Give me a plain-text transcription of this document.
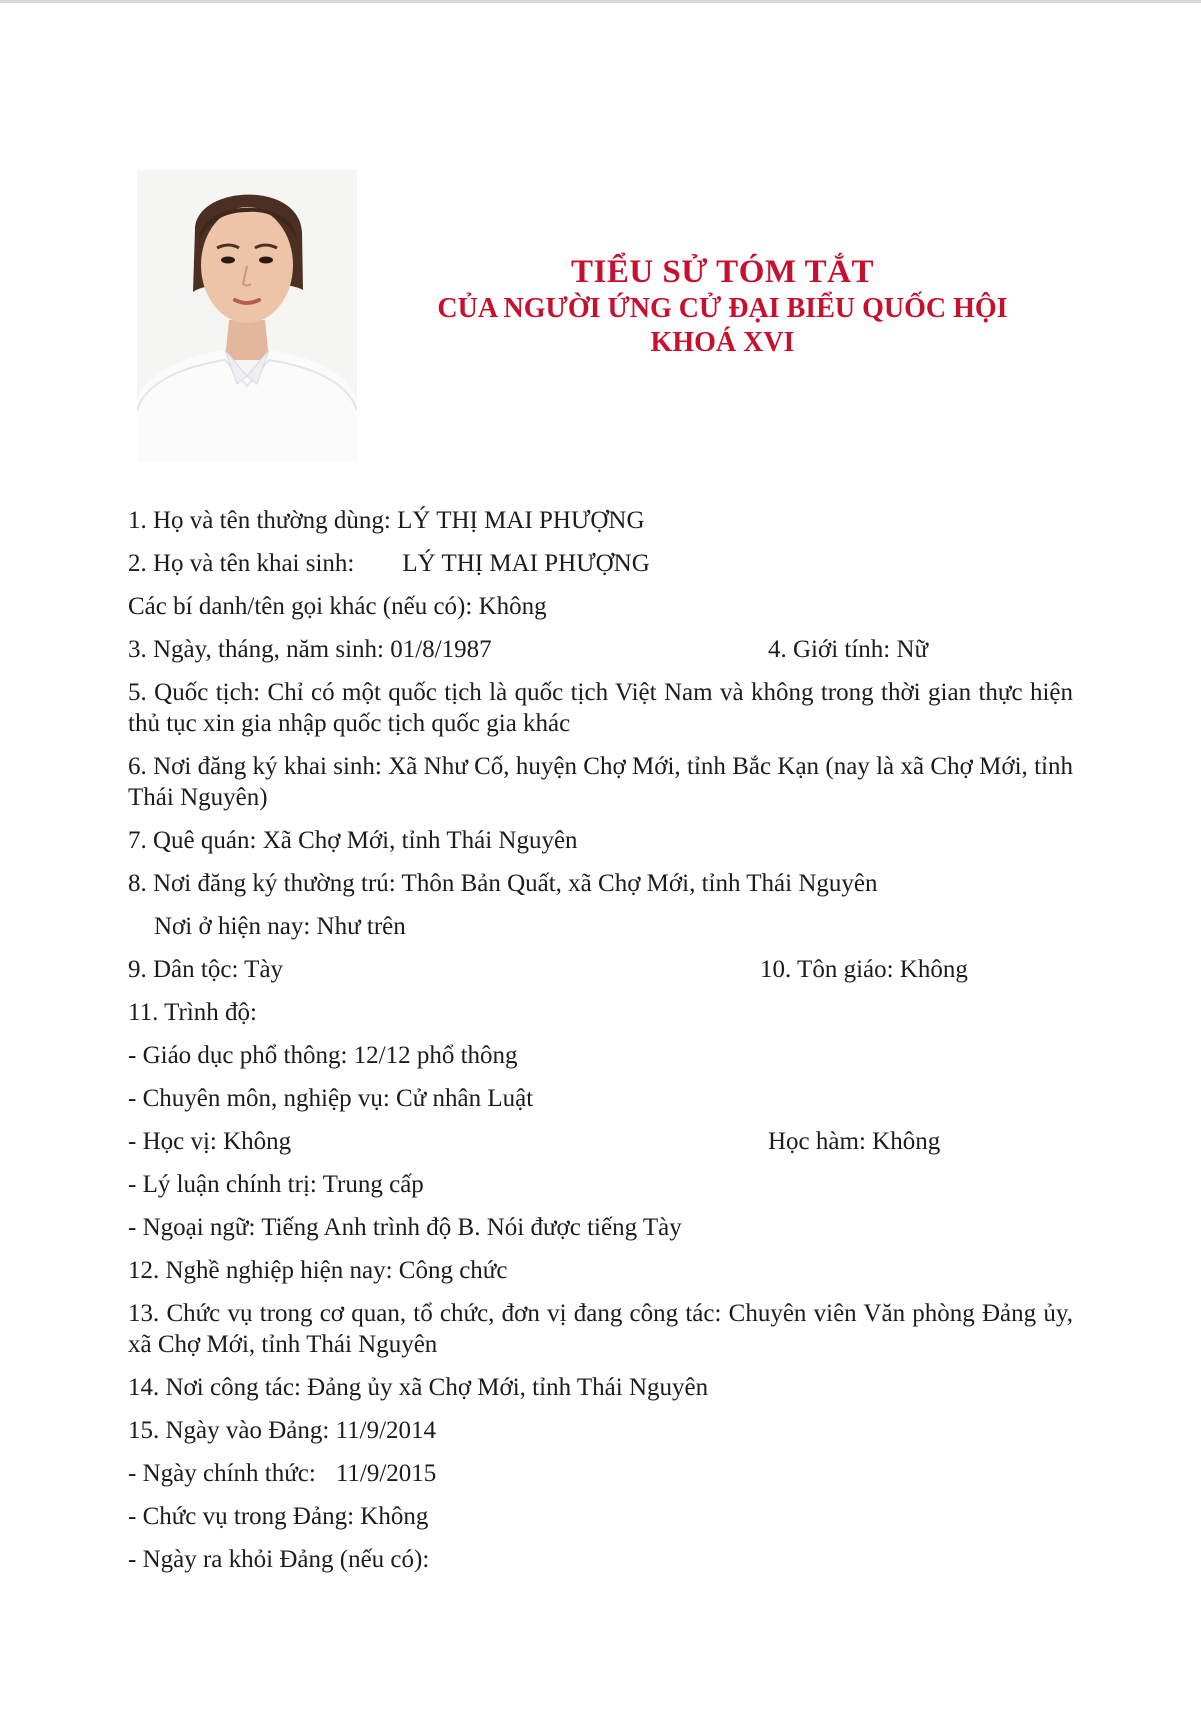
TIỂU SỬ TÓM TẮT
CỦA NGƯỜI ỨNG CỬ ĐẠI BIỂU QUỐC HỘI
KHOÁ XVI
1. Họ và tên thường dùng: LÝ THỊ MAI PHƯỢNG
2. Họ và tên khai sinh: LÝ THỊ MAI PHƯỢNG
Các bí danh/tên gọi khác (nếu có): Không
3. Ngày, tháng, năm sinh: 01/8/1987	4. Giới tính: Nữ
5. Quốc tịch: Chỉ có một quốc tịch là quốc tịch Việt Nam và không trong thời gian thực hiện thủ tục xin gia nhập quốc tịch quốc gia khác
6. Nơi đăng ký khai sinh: Xã Như Cố, huyện Chợ Mới, tỉnh Bắc Kạn (nay là xã Chợ Mới, tỉnh Thái Nguyên)
7. Quê quán: Xã Chợ Mới, tỉnh Thái Nguyên
8. Nơi đăng ký thường trú: Thôn Bản Quất, xã Chợ Mới, tỉnh Thái Nguyên
Nơi ở hiện nay: Như trên
9. Dân tộc: Tày	10. Tôn giáo: Không
11. Trình độ:
- Giáo dục phổ thông: 12/12 phổ thông
- Chuyên môn, nghiệp vụ: Cử nhân Luật
- Học vị: Không	Học hàm: Không
- Lý luận chính trị: Trung cấp
- Ngoại ngữ: Tiếng Anh trình độ B. Nói được tiếng Tày
12. Nghề nghiệp hiện nay: Công chức
13. Chức vụ trong cơ quan, tổ chức, đơn vị đang công tác: Chuyên viên Văn phòng Đảng ủy, xã Chợ Mới, tỉnh Thái Nguyên
14. Nơi công tác: Đảng ủy xã Chợ Mới, tỉnh Thái Nguyên
15. Ngày vào Đảng: 11/9/2014
- Ngày chính thức: 11/9/2015
- Chức vụ trong Đảng: Không
- Ngày ra khỏi Đảng (nếu có):
